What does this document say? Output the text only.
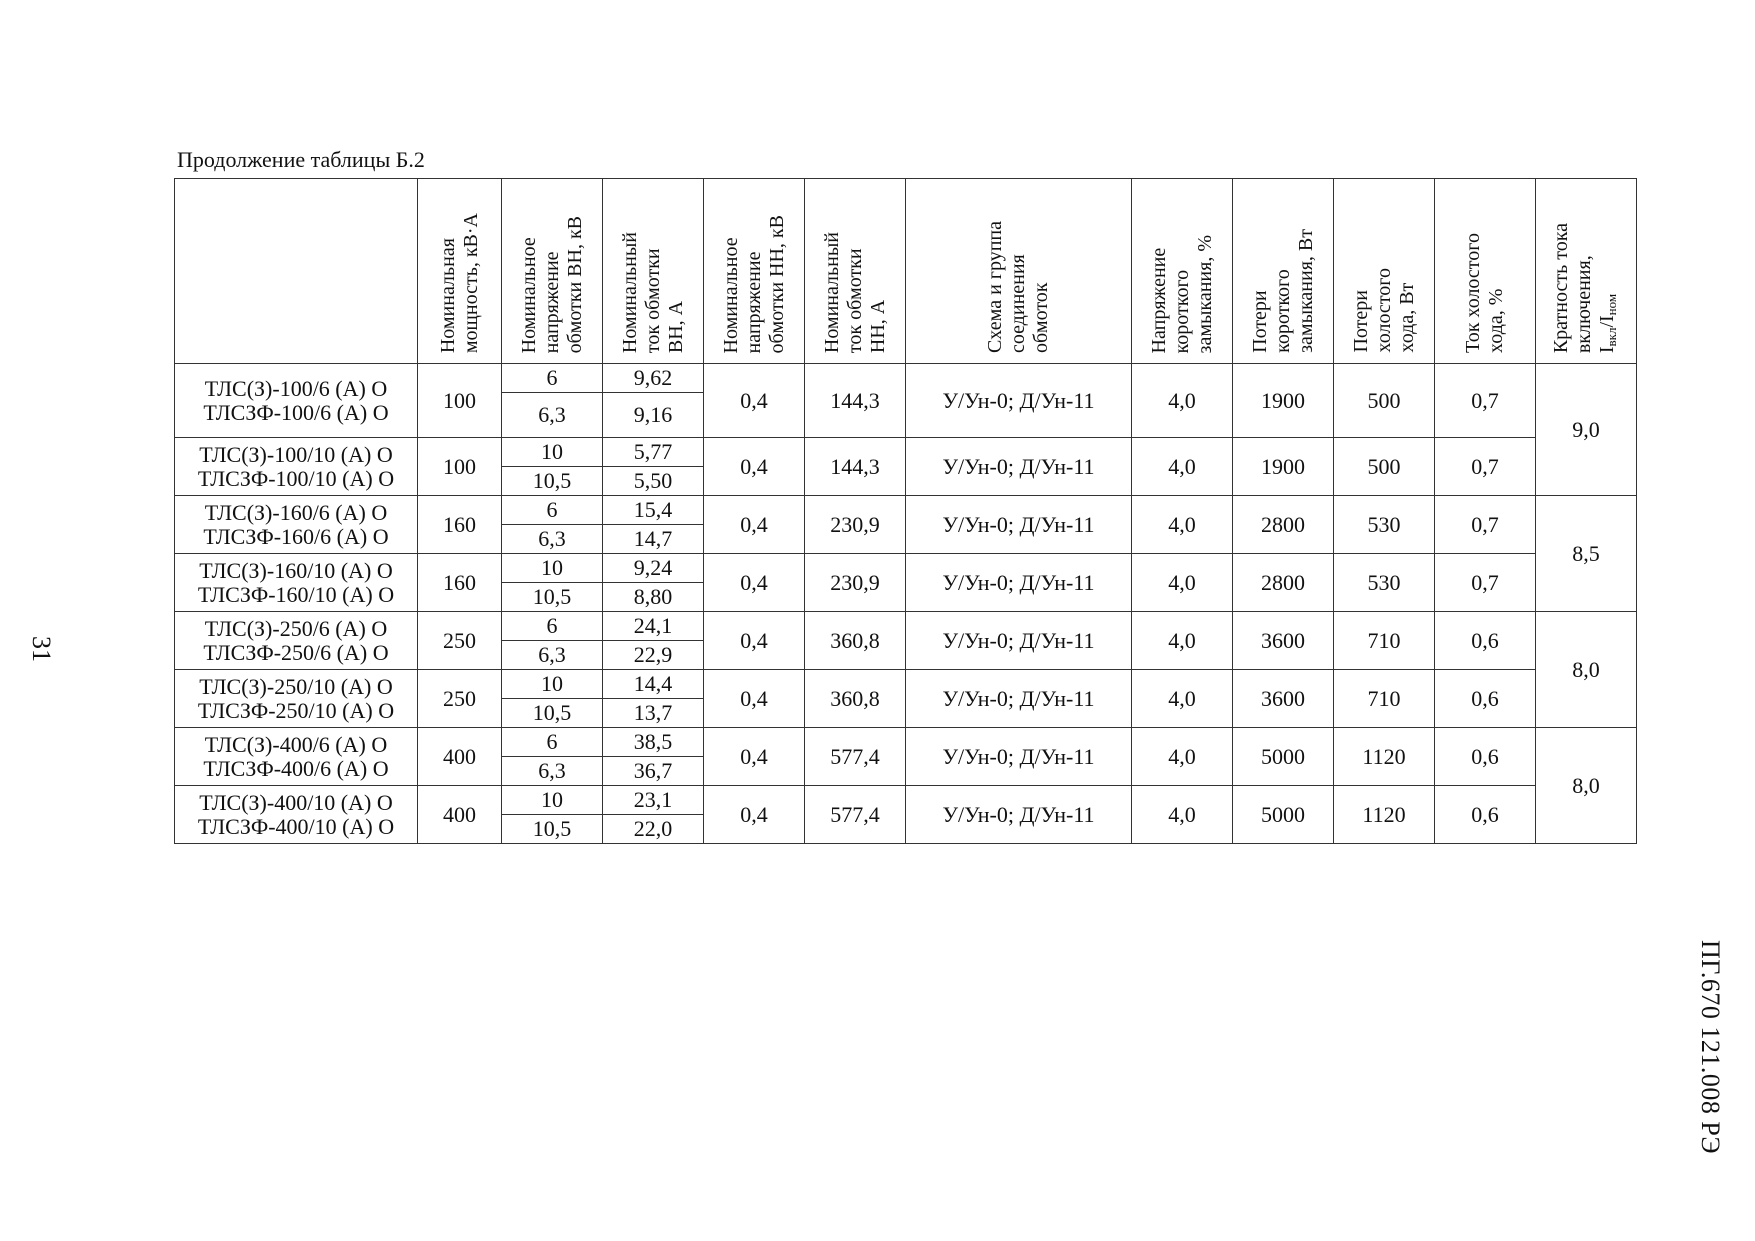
Продолжение таблицы Б.2
31
ПГ.670 121.008 РЭ

	Номинальная
мощность, кВ·А	Номинальное
напряжение
обмотки ВН, кВ	Номинальный
ток обмотки
ВН, А	Номинальное
напряжение
обмотки НН, кВ	Номинальный
ток обмотки
НН, А	Схема и группа
соединения
обмоток	Напряжение
короткого
замыкания, %	Потери
короткого
замыкания, Вт	Потери
холостого
хода, Вт	Ток холостого
хода, %	Кратность тока
включения,
$I_{вкл}/I_{ном}$

ТЛС(З)-100/6 (А) О
ТЛСЗФ-100/6 (А) О	100	6	9,62	0,4	144,3	У/Ун-0; Д/Ун-11	4,0	1900	500	0,7	9,0
		6,3	9,16								
ТЛС(З)-100/10 (А) О
ТЛСЗФ-100/10 (А) О	100	10	5,77	0,4	144,3	У/Ун-0; Д/Ун-11	4,0	1900	500	0,7	
		10,5	5,50								
ТЛС(З)-160/6 (А) О
ТЛСЗФ-160/6 (А) О	160	6	15,4	0,4	230,9	У/Ун-0; Д/Ун-11	4,0	2800	530	0,7	8,5
		6,3	14,7								
ТЛС(З)-160/10 (А) О
ТЛСЗФ-160/10 (А) О	160	10	9,24	0,4	230,9	У/Ун-0; Д/Ун-11	4,0	2800	530	0,7	
		10,5	8,80								
ТЛС(З)-250/6 (А) О
ТЛСЗФ-250/6 (А) О	250	6	24,1	0,4	360,8	У/Ун-0; Д/Ун-11	4,0	3600	710	0,6	8,0
		6,3	22,9								
ТЛС(З)-250/10 (А) О
ТЛСЗФ-250/10 (А) О	250	10	14,4	0,4	360,8	У/Ун-0; Д/Ун-11	4,0	3600	710	0,6	
		10,5	13,7								
ТЛС(З)-400/6 (А) О
ТЛСЗФ-400/6 (А) О	400	6	38,5	0,4	577,4	У/Ун-0; Д/Ун-11	4,0	5000	1120	0,6	8,0
		6,3	36,7								
ТЛС(З)-400/10 (А) О
ТЛСЗФ-400/10 (А) О	400	10	23,1	0,4	577,4	У/Ун-0; Д/Ун-11	4,0	5000	1120	0,6	
		10,5	22,0								
